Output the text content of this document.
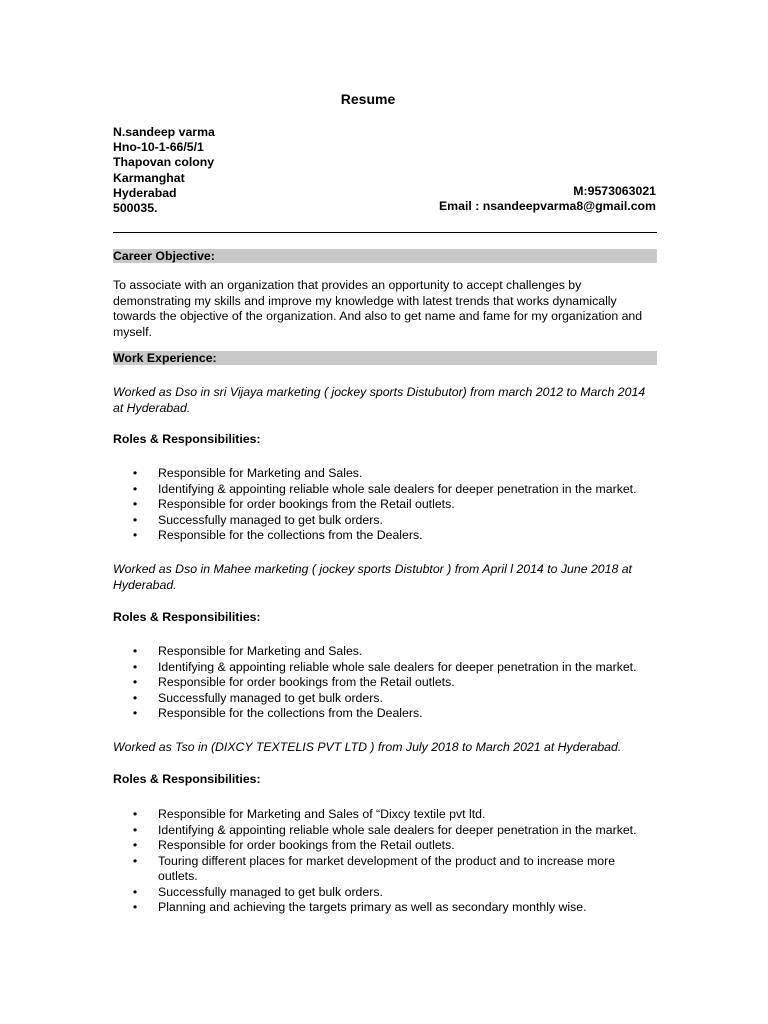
Resume
N.sandeep varma
Hno-10-1-66/5/1
Thapovan colony
Karmanghat
Hyderabad
500035.
M:9573063021
Email : nsandeepvarma8@gmail.com
Career Objective:
To associate with an organization that provides an opportunity to accept challenges by demonstrating my skills and improve my knowledge with latest trends that works dynamically towards the objective of the organization. And also to get name and fame for my organization and myself.
Work Experience:
Worked as Dso in sri Vijaya marketing ( jockey sports Distubutor) from march 2012 to March 2014 at Hyderabad.
Roles & Responsibilities:
• Responsible for Marketing and Sales.
• Identifying & appointing reliable whole sale dealers for deeper penetration in the market.
• Responsible for order bookings from the Retail outlets.
• Successfully managed to get bulk orders.
• Responsible for the collections from the Dealers.
Worked as Dso in Mahee marketing ( jockey sports Distubtor ) from April l 2014 to June 2018 at Hyderabad.
Roles & Responsibilities:
• Responsible for Marketing and Sales.
• Identifying & appointing reliable whole sale dealers for deeper penetration in the market.
• Responsible for order bookings from the Retail outlets.
• Successfully managed to get bulk orders.
• Responsible for the collections from the Dealers.
Worked as Tso in (DIXCY TEXTELIS PVT LTD ) from July 2018 to March 2021 at Hyderabad.
Roles & Responsibilities:
• Responsible for Marketing and Sales of “Dixcy textile pvt ltd.
• Identifying & appointing reliable whole sale dealers for deeper penetration in the market.
• Responsible for order bookings from the Retail outlets.
• Touring different places for market development of the product and to increase more outlets.
• Successfully managed to get bulk orders.
• Planning and achieving the targets primary as well as secondary monthly wise.
